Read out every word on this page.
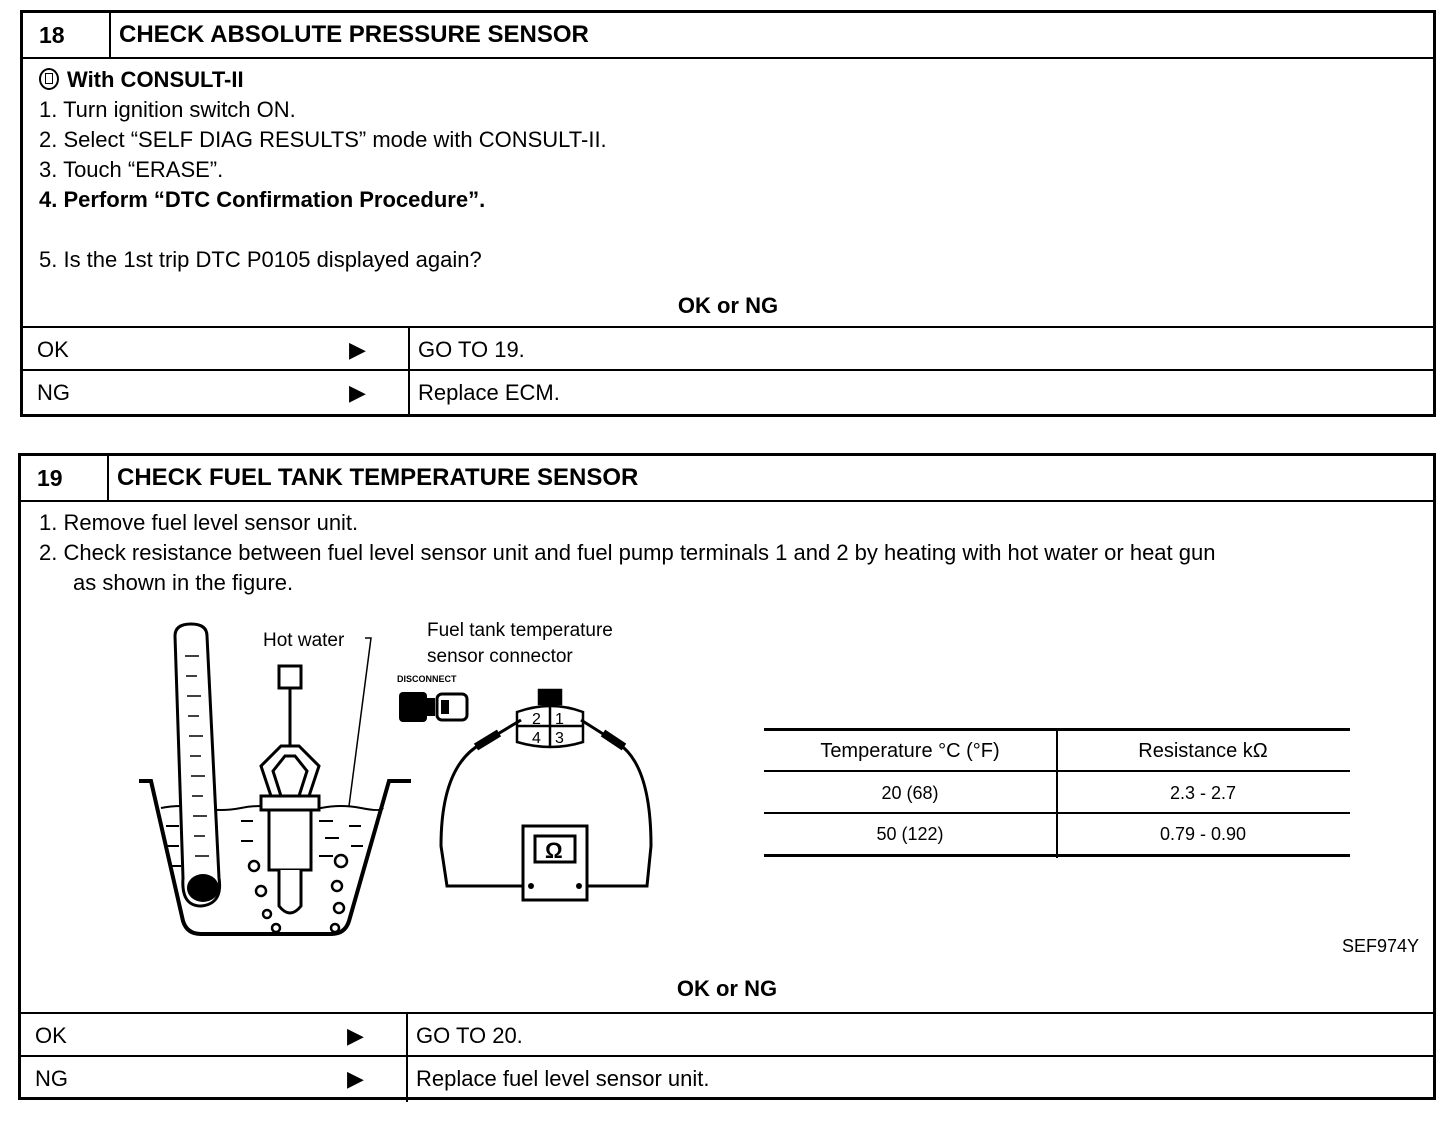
18	CHECK ABSOLUTE PRESSURE SENSOR
With CONSULT-II
1. Turn ignition switch ON.
2. Select “SELF DIAG RESULTS” mode with CONSULT-II.
3. Touch “ERASE”.
4. Perform “DTC Confirmation Procedure”.
5. Is the 1st trip DTC P0105 displayed again?
OK or NG
OK	▶ GO TO 19.
NG	▶ Replace ECM.
19	CHECK FUEL TANK TEMPERATURE SENSOR
1. Remove fuel level sensor unit.
2. Check resistance between fuel level sensor unit and fuel pump terminals 1 and 2 by heating with hot water or heat gun
as shown in the figure.
Hot water
DISCONNECT
Fuel tank temperature
sensor connector
2 1
4 3
Ω
Temperature °C (°F)	Resistance kΩ
20 (68)	2.3 - 2.7
50 (122)	0.79 - 0.90
SEF974Y
OK or NG
OK	▶ GO TO 20.
NG	▶ Replace fuel level sensor unit.
